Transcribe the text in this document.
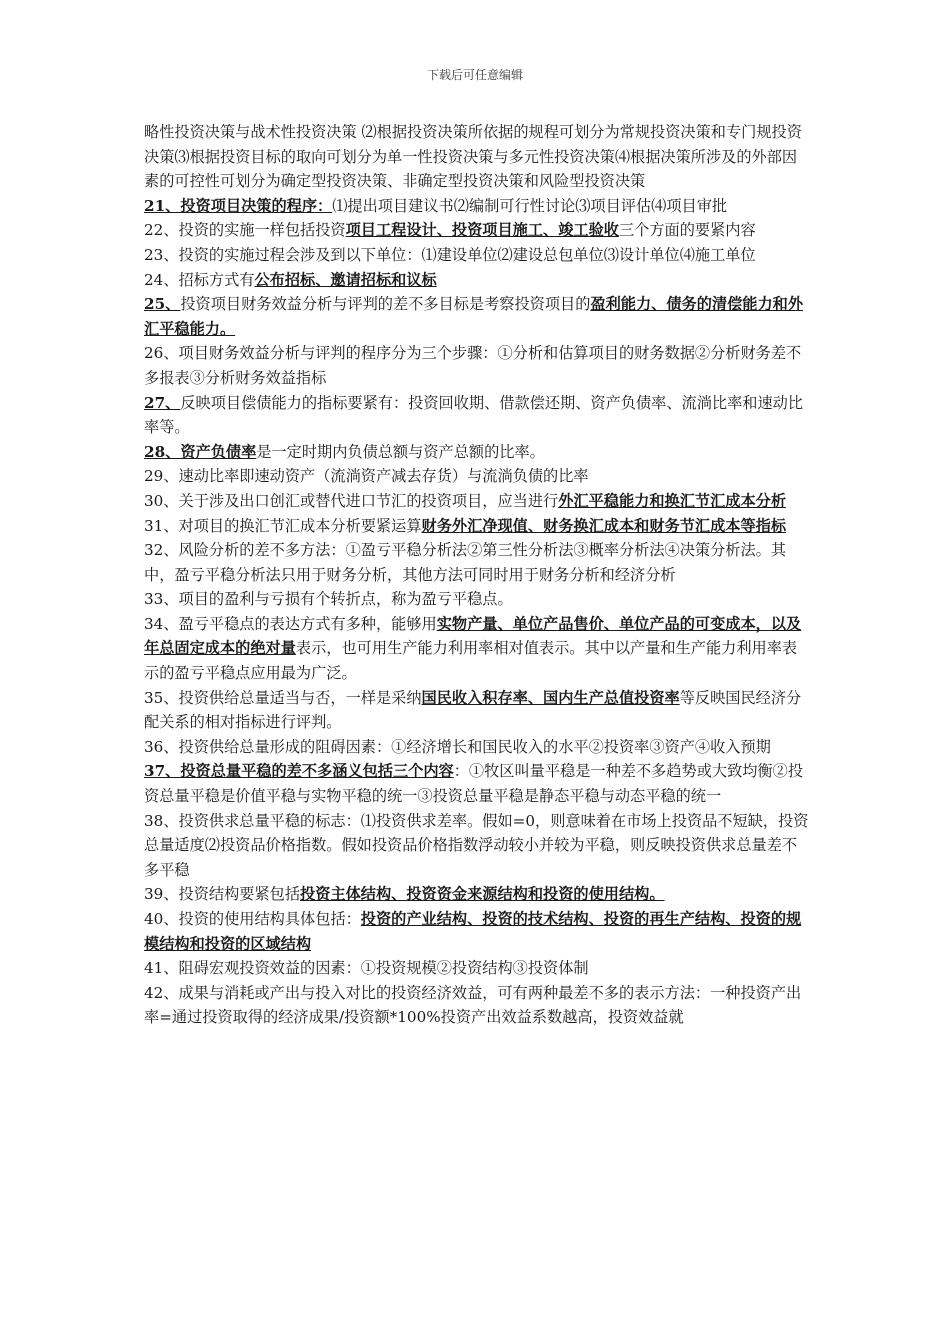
下载后可任意编辑

略性投资决策与战术性投资决策 ⑵根据投资决策所依据的规程可划分为常规投资决策和专门规投资决策⑶根据投资目标的取向可划分为单一性投资决策与多元性投资决策⑷根据决策所涉及的外部因素的可控性可划分为确定型投资决策、非确定型投资决策和风险型投资决策

21、投资项目决策的程序：⑴提出项目建议书⑵编制可行性讨论⑶项目评估⑷项目审批

22、投资的实施一样包括投资项目工程设计、投资项目施工、竣工验收三个方面的要紧内容

23、投资的实施过程会涉及到以下单位：⑴建设单位⑵建设总包单位⑶设计单位⑷施工单位

24、招标方式有公布招标、邀请招标和议标

25、投资项目财务效益分析与评判的差不多目标是考察投资项目的盈利能力、债务的清偿能力和外汇平稳能力。

26、项目财务效益分析与评判的程序分为三个步骤：①分析和估算项目的财务数据②分析财务差不多报表③分析财务效益指标

27、反映项目偿债能力的指标要紧有：投资回收期、借款偿还期、资产负债率、流淌比率和速动比率等。

28、资产负债率是一定时期内负债总额与资产总额的比率。

29、速动比率即速动资产（流淌资产减去存货）与流淌负债的比率

30、关于涉及出口创汇或替代进口节汇的投资项目，应当进行外汇平稳能力和换汇节汇成本分析

31、对项目的换汇节汇成本分析要紧运算财务外汇净现值、财务换汇成本和财务节汇成本等指标

32、风险分析的差不多方法：①盈亏平稳分析法②第三性分析法③概率分析法④决策分析法。其中，盈亏平稳分析法只用于财务分析，其他方法可同时用于财务分析和经济分析

33、项目的盈利与亏损有个转折点，称为盈亏平稳点。

34、盈亏平稳点的表达方式有多种，能够用实物产量、单位产品售价、单位产品的可变成本，以及年总固定成本的绝对量表示，也可用生产能力利用率相对值表示。其中以产量和生产能力利用率表示的盈亏平稳点应用最为广泛。

35、投资供给总量适当与否，一样是采纳国民收入积存率、国内生产总值投资率等反映国民经济分配关系的相对指标进行评判。

36、投资供给总量形成的阻碍因素：①经济增长和国民收入的水平②投资率③资产④收入预期

37、投资总量平稳的差不多涵义包括三个内容：①牧区叫量平稳是一种差不多趋势或大致均衡②投资总量平稳是价值平稳与实物平稳的统一③投资总量平稳是静态平稳与动态平稳的统一

38、投资供求总量平稳的标志：⑴投资供求差率。假如=0，则意味着在市场上投资品不短缺，投资总量适度⑵投资品价格指数。假如投资品价格指数浮动较小并较为平稳，则反映投资供求总量差不多平稳

39、投资结构要紧包括投资主体结构、投资资金来源结构和投资的使用结构。

40、投资的使用结构具体包括：投资的产业结构、投资的技术结构、投资的再生产结构、投资的规模结构和投资的区域结构

41、阻碍宏观投资效益的因素：①投资规模②投资结构③投资体制

42、成果与消耗或产出与投入对比的投资经济效益，可有两种最差不多的表示方法：一种投资产出率=通过投资取得的经济成果/投资额*100%投资产出效益系数越高，投资效益就
